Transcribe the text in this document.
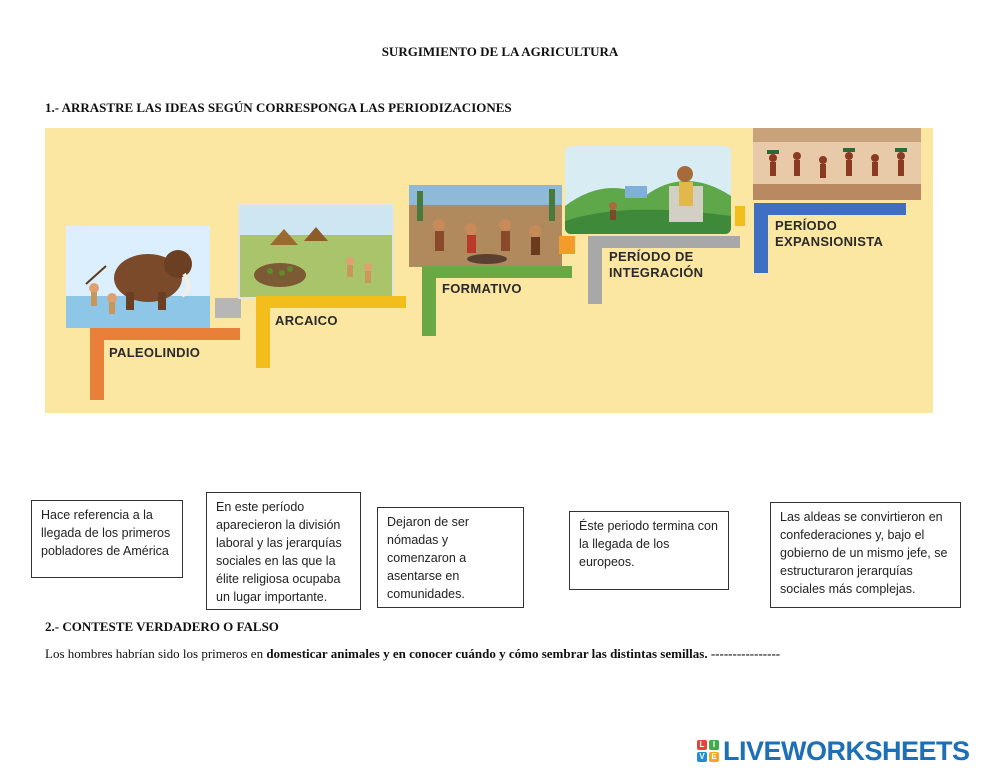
SURGIMIENTO DE LA AGRICULTURA
1.- ARRASTRE LAS IDEAS SEGÚN CORRESPONGA LAS PERIODIZACIONES
PALEOLINDIO
ARCAICO
FORMATIVO
PERÍODO DE
INTEGRACIÓN
PERÍODO
EXPANSIONISTA
Hace referencia a la llegada de los primeros pobladores de América
En este período aparecieron la división laboral y las jerarquías sociales en las que la élite religiosa ocupaba un lugar importante.
Dejaron de ser nómadas y comenzaron a asentarse en comunidades.
Éste periodo termina con la llegada de los europeos.
Las aldeas se convirtieron en confederaciones y, bajo el gobierno de un mismo jefe, se estructuraron jerarquías sociales más complejas.
2.- CONTESTE VERDADERO O FALSO
Los hombres habrían sido los primeros en domesticar animales y en conocer cuándo y cómo sembrar las distintas semillas. ----------------
L	I
V E LIVEWORKSHEETS
